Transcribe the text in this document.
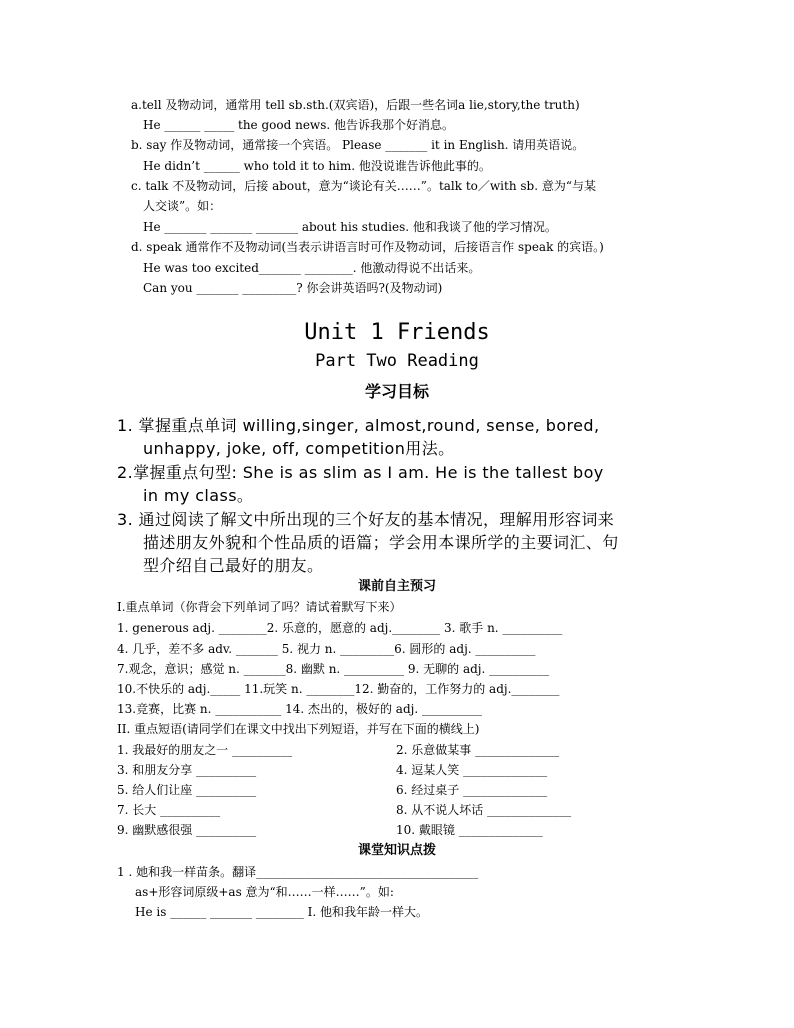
a.tell 及物动词，通常用 tell sb.sth.(双宾语)，后跟一些名词a lie,story,the truth)
He ______ _____ the good news. 他告诉我那个好消息。
b. say 作及物动词，通常接一个宾语。 Please _______ it in English. 请用英语说。
He didn’t ______ who told it to him. 他没说谁告诉他此事的。
c. talk 不及物动词，后接 about，意为“谈论有关……”。talk to／with sb. 意为“与某
人交谈”。如：
He _______ _______ _______ about his studies. 他和我谈了他的学习情况。
d. speak 通常作不及物动词(当表示讲语言时可作及物动词，后接语言作 speak 的宾语。)
He was too excited_______ ________. 他激动得说不出话来。
Can you _______ _________? 你会讲英语吗?(及物动词)
Unit 1 Friends
Part Two Reading
学习目标
1. 掌握重点单词 willing,singer, almost,round, sense, bored,
unhappy, joke, off, competition用法。
2.掌握重点句型: She is as slim as I am. He is the tallest boy
in my class。
3. 通过阅读了解文中所出现的三个好友的基本情况，理解用形容词来
描述朋友外貌和个性品质的语篇；学会用本课所学的主要词汇、句
型介绍自己最好的朋友。
课前自主预习
I.重点单词（你背会下列单词了吗？请试着默写下来）
1. generous adj. ________2. 乐意的，愿意的 adj.________ 3. 歌手 n. __________
4. 几乎，差不多 adv. _______ 5. 视力 n. _________6. 圆形的 adj. __________
7.观念，意识；感觉 n. _______8. 幽默 n. __________ 9. 无聊的 adj. __________
10.不快乐的 adj._____ 11.玩笑 n. ________12. 勤奋的，工作努力的 adj.________
13.竞赛，比赛 n. ___________ 14. 杰出的，极好的 adj. __________
II. 重点短语(请同学们在课文中找出下列短语，并写在下面的横线上)
1. 我最好的朋友之一 __________
3. 和朋友分享 __________
5. 给人们让座 __________
7. 长大 __________
9. 幽默感很强 __________
2. 乐意做某事 ______________
4. 逗某人笑 ______________
6. 经过桌子 ______________
8. 从不说人坏话 ______________
10. 戴眼镜 ______________
课堂知识点拨
1 . 她和我一样苗条。翻译_____________________________________
as+形容词原级+as 意为“和……一样……”。如:
He is ______ _______ ________ I. 他和我年龄一样大。
